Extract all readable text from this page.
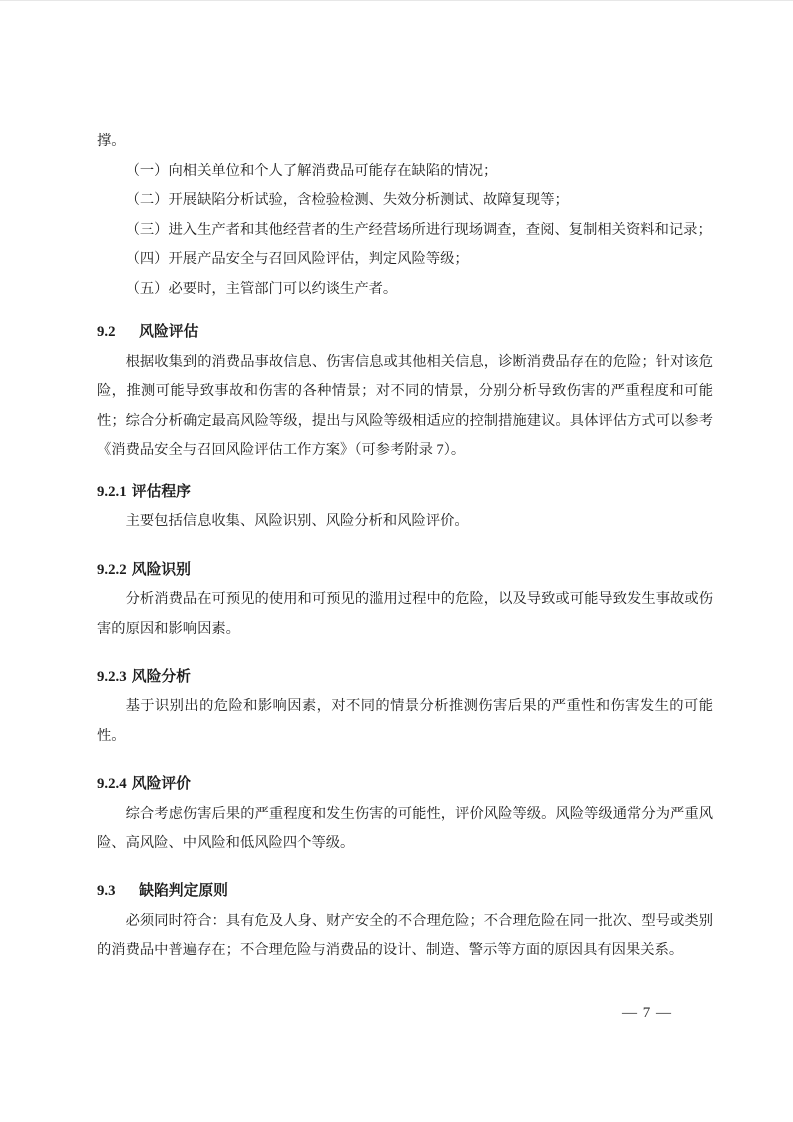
撑。

（一）向相关单位和个人了解消费品可能存在缺陷的情况；

（二）开展缺陷分析试验，含检验检测、失效分析测试、故障复现等；

（三）进入生产者和其他经营者的生产经营场所进行现场调查，查阅、复制相关资料和记录；

（四）开展产品安全与召回风险评估，判定风险等级；

（五）必要时，主管部门可以约谈生产者。

9.2 风险评估

根据收集到的消费品事故信息、伤害信息或其他相关信息，诊断消费品存在的危险；针对该危险，推测可能导致事故和伤害的各种情景；对不同的情景，分别分析导致伤害的严重程度和可能性；综合分析确定最高风险等级，提出与风险等级相适应的控制措施建议。具体评估方式可以参考《消费品安全与召回风险评估工作方案》（可参考附录 7）。

9.2.1 评估程序

主要包括信息收集、风险识别、风险分析和风险评价。

9.2.2 风险识别

分析消费品在可预见的使用和可预见的滥用过程中的危险，以及导致或可能导致发生事故或伤害的原因和影响因素。

9.2.3 风险分析

基于识别出的危险和影响因素，对不同的情景分析推测伤害后果的严重性和伤害发生的可能性。

9.2.4 风险评价

综合考虑伤害后果的严重程度和发生伤害的可能性，评价风险等级。风险等级通常分为严重风险、高风险、中风险和低风险四个等级。

9.3 缺陷判定原则

必须同时符合：具有危及人身、财产安全的不合理危险；不合理危险在同一批次、型号或类别的消费品中普遍存在；不合理危险与消费品的设计、制造、警示等方面的原因具有因果关系。

— 7 —
